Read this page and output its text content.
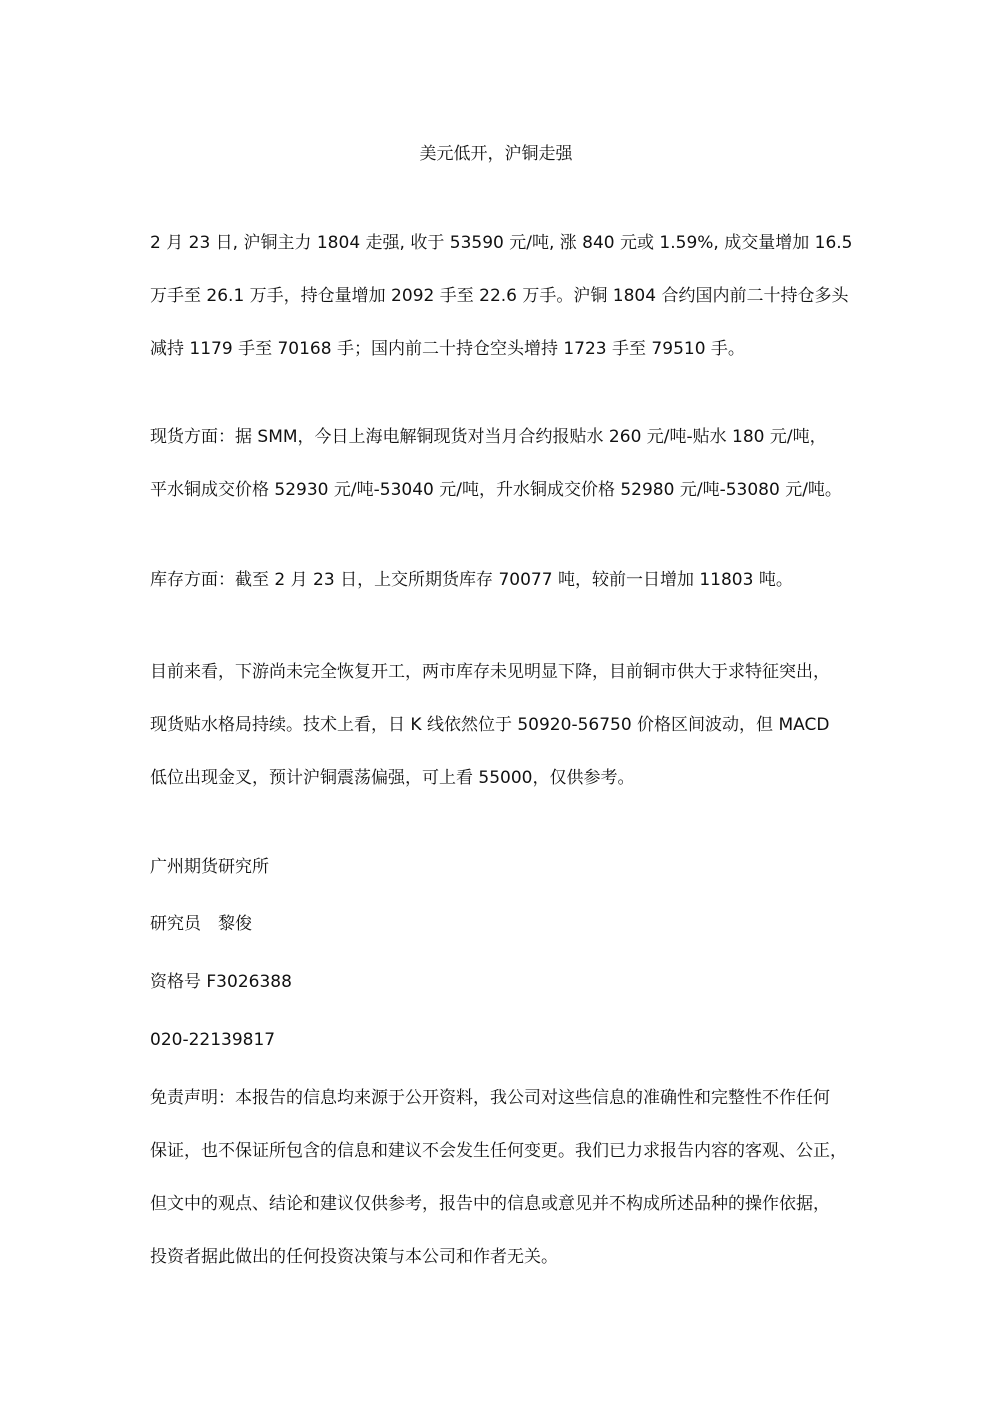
美元低开，沪铜走强

2 月 23 日, 沪铜主力 1804 走强, 收于 53590 元/吨, 涨 840 元或 1.59%, 成交量增加 16.5
万手至 26.1 万手，持仓量增加 2092 手至 22.6 万手。沪铜 1804 合约国内前二十持仓多头
减持 1179 手至 70168 手；国内前二十持仓空头增持 1723 手至 79510 手。

现货方面：据 SMM，今日上海电解铜现货对当月合约报贴水 260 元/吨-贴水 180 元/吨，
平水铜成交价格 52930 元/吨-53040 元/吨，升水铜成交价格 52980 元/吨-53080 元/吨。

库存方面：截至 2 月 23 日，上交所期货库存 70077 吨，较前一日增加 11803 吨。

目前来看，下游尚未完全恢复开工，两市库存未见明显下降，目前铜市供大于求特征突出，
现货贴水格局持续。技术上看，日 K 线依然位于 50920-56750 价格区间波动，但 MACD
低位出现金叉，预计沪铜震荡偏强，可上看 55000，仅供参考。

广州期货研究所
研究员　黎俊
资格号 F3026388
020-22139817

免责声明：本报告的信息均来源于公开资料，我公司对这些信息的准确性和完整性不作任何
保证，也不保证所包含的信息和建议不会发生任何变更。我们已力求报告内容的客观、公正，
但文中的观点、结论和建议仅供参考，报告中的信息或意见并不构成所述品种的操作依据，
投资者据此做出的任何投资决策与本公司和作者无关。
